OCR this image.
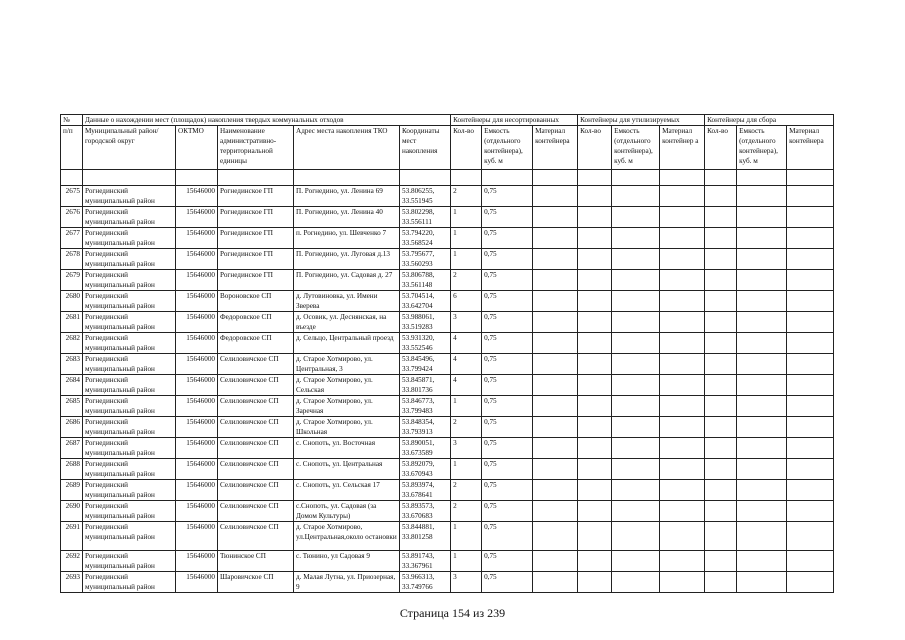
№	Данные о нахождении мест (площадок) накопления твердых коммунальных отходов					Контейнеры для несортированных			Контейнеры для утилизируемых			Контейнеры для сбора		
п/п	Муниципальный район/городской округ	ОКТМО	Наименование административно-территориальной единицы	Адрес места накопления ТКО	Координаты мест накопления	Кол-во	Емкость (отдельного контейнера), куб. м	Материал контейнера	Кол-во	Емкость (отдельного контейнера), куб. м	Материал контейнер а	Кол-во	Емкость (отдельного контейнера), куб. м	Материал контейнера

2675	Рогнединский муниципальный район	15646000	Рогнединское ГП	П. Рогнедино, ул. Ленина 69	53.806255, 33.551945	2	0,75							
2676	Рогнединский муниципальный район	15646000	Рогнединское ГП	П. Рогнедино, ул. Ленина 40	53.802298, 33.556111	1	0,75							
2677	Рогнединский муниципальный район	15646000	Рогнединское ГП	п. Рогнедино, ул. Шевченко 7	53.794220, 33.568524	1	0,75							
2678	Рогнединский муниципальный район	15646000	Рогнединское ГП	П. Рогнедино, ул. Луговая д.13	53.795677, 33.560293	1	0,75							
2679	Рогнединский муниципальный район	15646000	Рогнединское ГП	П. Рогнедино, ул. Садовая д. 27	53.806788, 33.561148	2	0,75							
2680	Рогнединский муниципальный район	15646000	Вороновское СП	д. Лутовиновка, ул. Имени Зверева	53.704514, 33.642704	6	0,75							
2681	Рогнединский муниципальный район	15646000	Федоровское СП	д. Осовик, ул. Деснянская, на въезде	53.988061, 33.519283	3	0,75							
2682	Рогнединский муниципальный район	15646000	Федоровское СП	д. Сельцо, Центральный проезд	53.931320, 33.552546	4	0,75							
2683	Рогнединский муниципальный район	15646000	Селиловичское СП	д. Старое Хотмирово, ул. Центральная, 3	53.845496, 33.799424	4	0,75							
2684	Рогнединский муниципальный район	15646000	Селиловичское СП	д. Старое Хотмирово, ул. Сельская	53.845871, 33.801736	4	0,75							
2685	Рогнединский муниципальный район	15646000	Селиловичское СП	д. Старое Хотмирово, ул. Заречная	53.846773, 33.799483	1	0,75							
2686	Рогнединский муниципальный район	15646000	Селиловичское СП	д. Старое Хотмирово, ул. Школьная	53.848354, 33.793913	2	0,75							
2687	Рогнединский муниципальный район	15646000	Селиловичское СП	с. Снопоть, ул. Восточная	53.890051, 33.673589	3	0,75							
2688	Рогнединский муниципальный район	15646000	Селиловичское СП	с. Снопоть, ул. Центральная	53.892079, 33.670943	1	0,75							
2689	Рогнединский муниципальный район	15646000	Селиловичское СП	с. Снопоть, ул. Сельская 17	53.893974, 33.678641	2	0,75							
2690	Рогнединский муниципальный район	15646000	Селиловичское СП	с.Снопоть, ул. Садовая (за Домом Культуры)	53.893573, 33.670683	2	0,75							
2691	Рогнединский муниципальный район	15646000	Селиловичское СП	д. Старое Хотмирово, ул.Центральная,около остановки	53.844881, 33.801258	1	0,75							
2692	Рогнединский муниципальный район	15646000	Тюнинское СП	с. Тюнино, ул Садовая 9	53.891743, 33.367961	1	0,75							
2693	Рогнединский муниципальный район	15646000	Шаровичское СП	д. Малая Лутна, ул. Приозерная, 9	53.966313, 33.749766	3	0,75							
Страница 154 из 239
